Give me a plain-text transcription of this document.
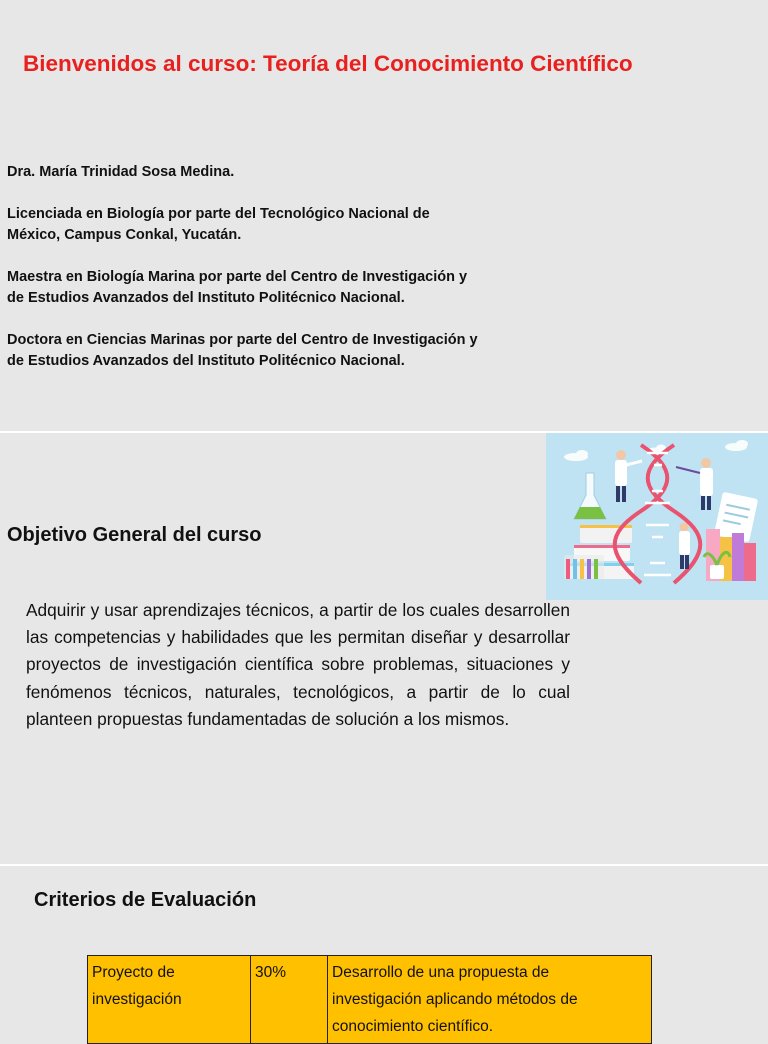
Bienvenidos al curso: Teoría del Conocimiento Científico

Dra. María Trinidad Sosa Medina.

Licenciada en Biología por parte del Tecnológico Nacional de

México, Campus Conkal, Yucatán.

Maestra en Biología Marina por parte del Centro de Investigación y

de Estudios Avanzados del Instituto Politécnico Nacional.

Doctora en Ciencias Marinas por parte del Centro de Investigación y

de Estudios Avanzados del Instituto Politécnico Nacional.

Objetivo General del curso

Adquirir y usar aprendizajes técnicos, a partir de los cuales desarrollen las competencias y habilidades que les permitan diseñar y desarrollar proyectos de investigación científica sobre problemas, situaciones y fenómenos técnicos, naturales, tecnológicos, a partir de lo cual planteen propuestas fundamentadas de solución a los mismos.

Criterios de Evaluación
Proyecto de
investigación
	30%	Desarrollo de una propuesta de
investigación aplicando métodos de
conocimiento científico.
